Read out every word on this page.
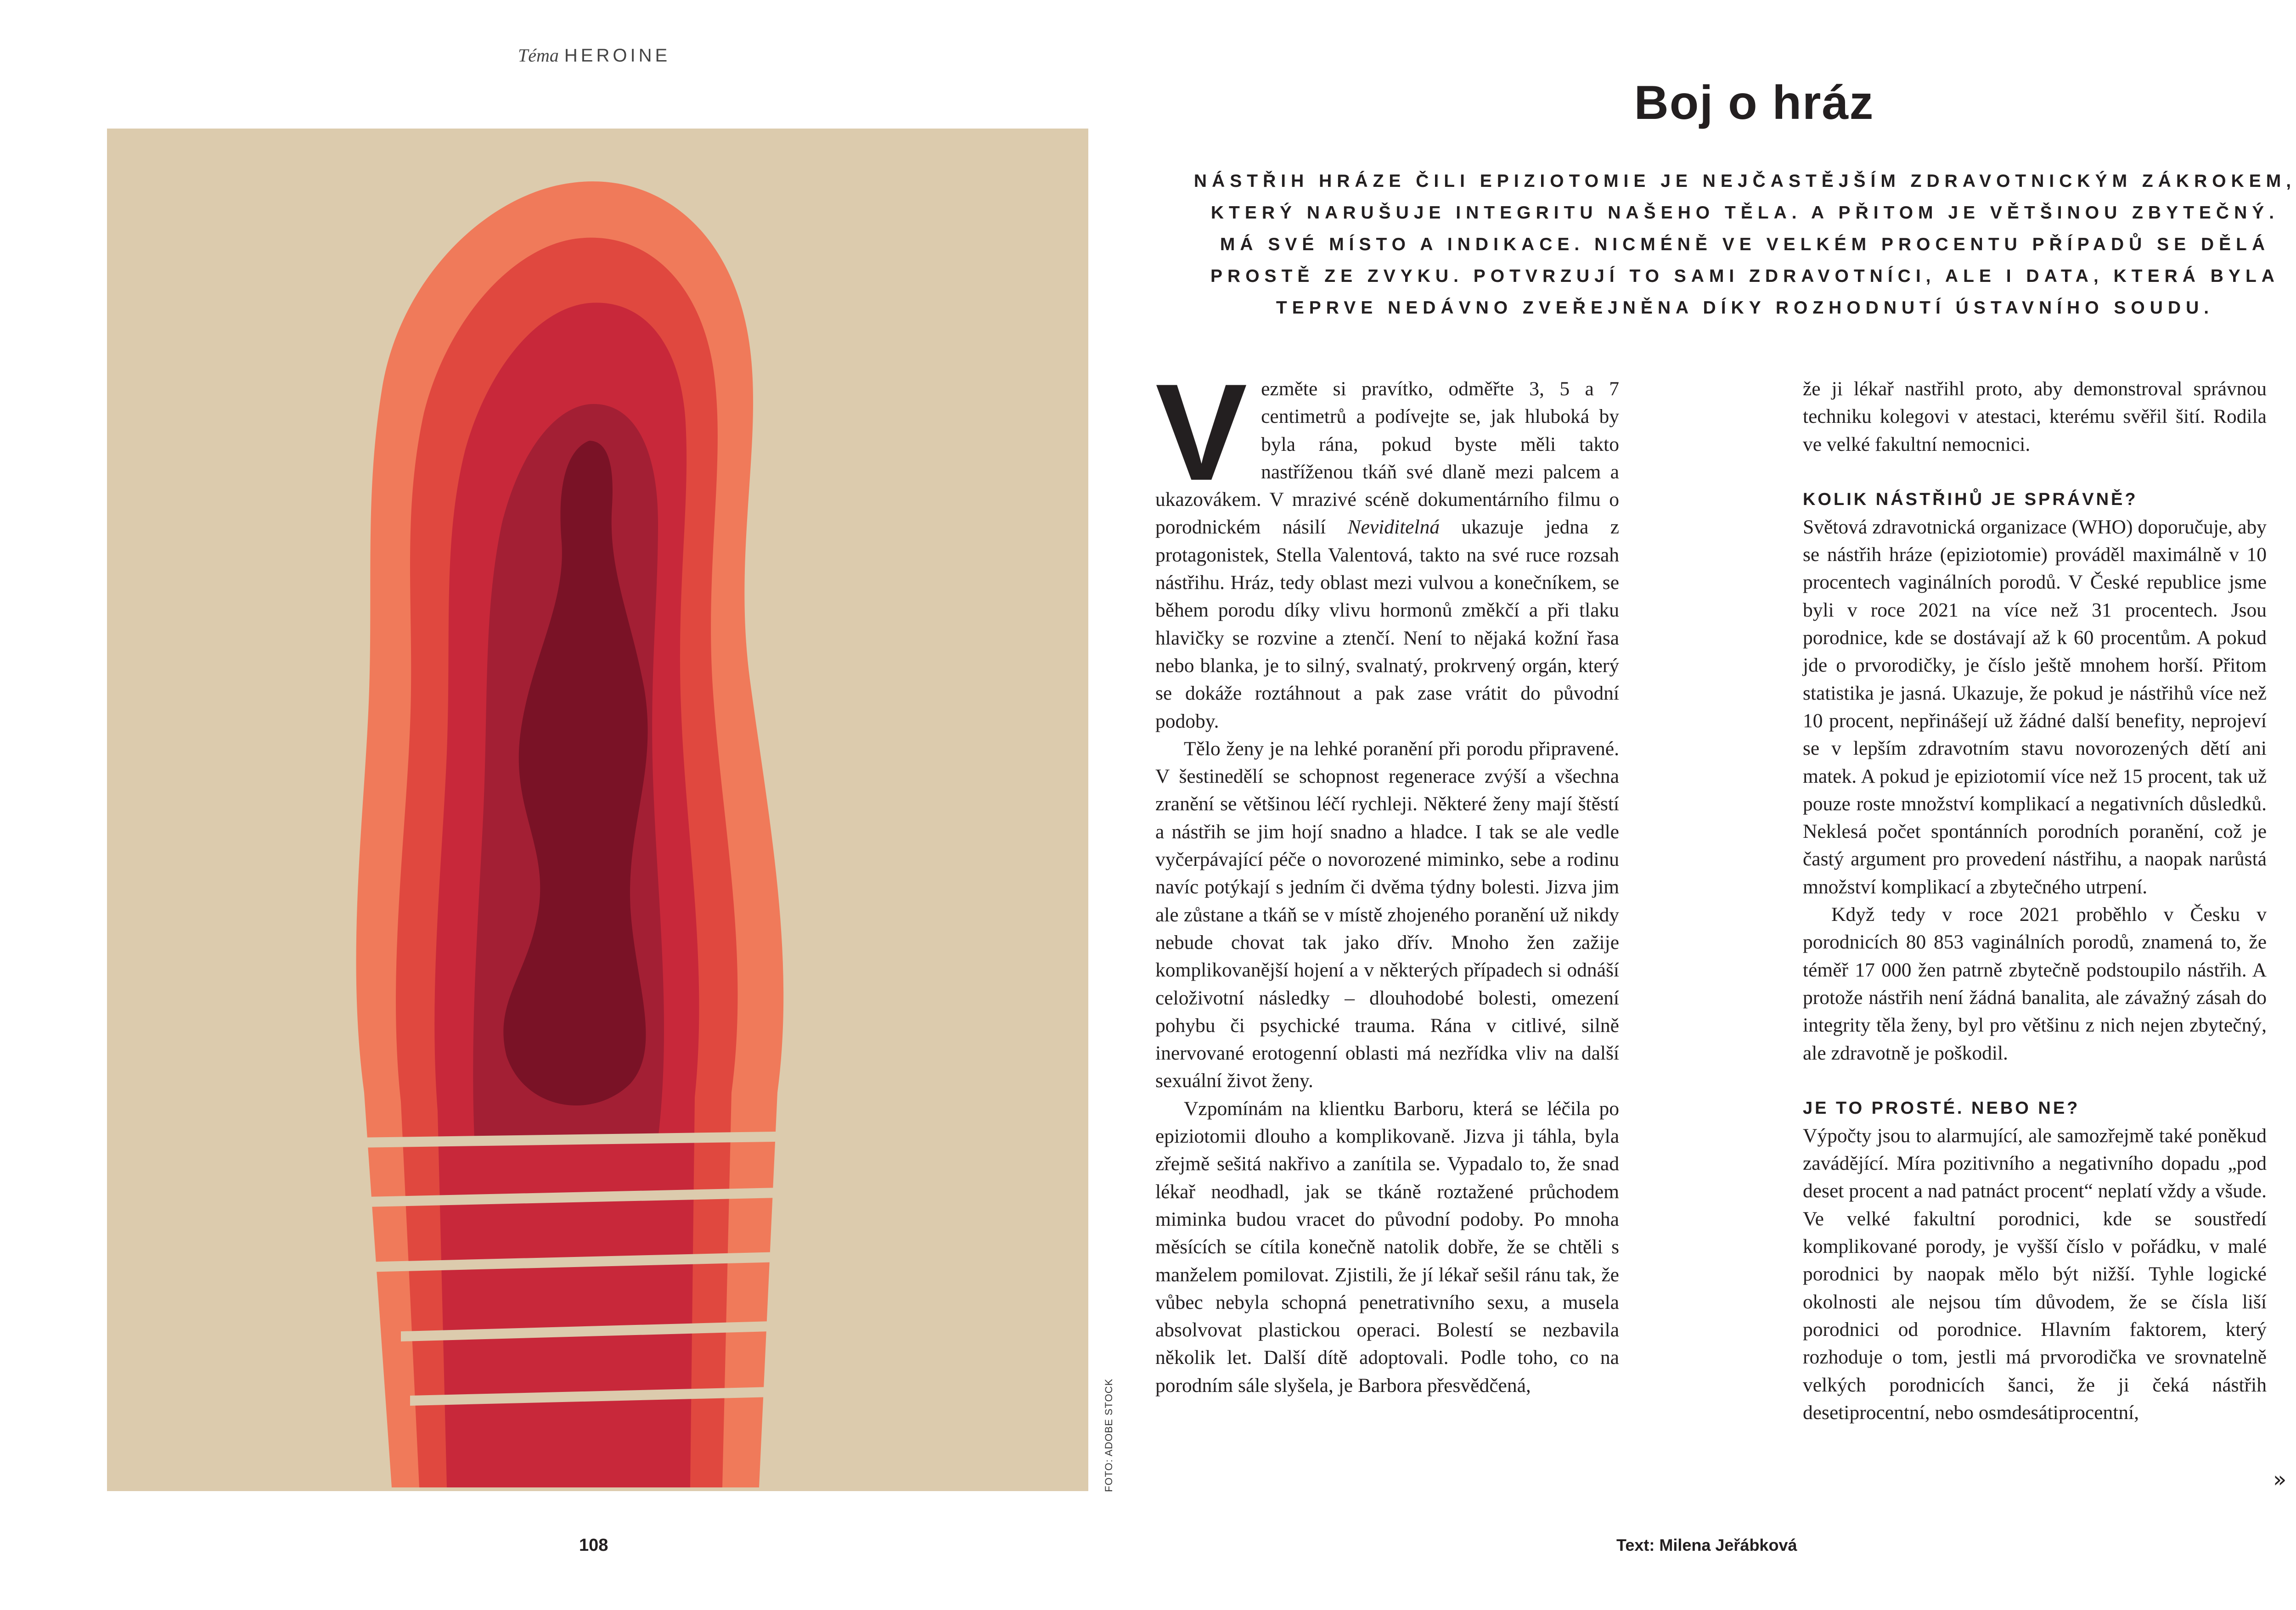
Téma HEROINE
FOTO: ADOBE STOCK
Boj o hráz
NÁSTŘIH HRÁZE ČILI EPIZIOTOMIE JE NEJČASTĚJŠÍM ZDRAVOTNICKÝM ZÁKROKEM,
KTERÝ NARUŠUJE INTEGRITU NAŠEHO TĚLA. A PŘITOM JE VĚTŠINOU ZBYTEČNÝ.
MÁ SVÉ MÍSTO A INDIKACE. NICMÉNĚ VE VELKÉM PROCENTU PŘÍPADŮ SE DĚLÁ
PROSTĚ ZE ZVYKU. POTVRZUJÍ TO SAMI ZDRAVOTNÍCI, ALE I DATA, KTERÁ BYLA
TEPRVE NEDÁVNO ZVEŘEJNĚNA DÍKY ROZHODNUTÍ ÚSTAVNÍHO SOUDU.

Vezměte si pravítko, odměřte 3, 5 a 7 centimetrů a podívejte se, jak hluboká by byla rána, pokud byste měli takto nastříženou tkáň své dlaně mezi palcem a ukazovákem. V mrazivé scéně dokumentárního filmu o porodnickém násilí Neviditelná ukazuje jedna z protagonistek, Stella Valentová, takto na své ruce rozsah nástřihu. Hráz, tedy oblast mezi vulvou a konečníkem, se během porodu díky vlivu hormonů změkčí a při tlaku hlavičky se rozvine a ztenčí. Není to nějaká kožní řasa nebo blanka, je to silný, svalnatý, prokrvený orgán, který se dokáže roztáhnout a pak zase vrátit do původní podoby.

Tělo ženy je na lehké poranění při porodu připravené. V šestinedělí se schopnost regenerace zvýší a všechna zranění se většinou léčí rychleji. Některé ženy mají štěstí a nástřih se jim hojí snadno a hladce. I tak se ale vedle vyčerpávající péče o novorozené miminko, sebe a rodinu navíc potýkají s jedním či dvěma týdny bolesti. Jizva jim ale zůstane a tkáň se v místě zhojeného poranění už nikdy nebude chovat tak jako dřív. Mnoho žen zažije komplikovanější hojení a v některých případech si odnáší celoživotní následky – dlouhodobé bolesti, omezení pohybu či psychické trauma. Rána v citlivé, silně inervované erotogenní oblasti má nezřídka vliv na další sexuální život ženy.

Vzpomínám na klientku Barboru, která se léčila po epiziotomii dlouho a komplikovaně. Jizva ji táhla, byla zřejmě sešitá nakřivo a zanítila se. Vypadalo to, že snad lékař neodhadl, jak se tkáně roztažené průchodem miminka budou vracet do původní podoby. Po mnoha měsících se cítila konečně natolik dobře, že se chtěli s manželem pomilovat. Zjistili, že jí lékař sešil ránu tak, že vůbec nebyla schopná penetrativního sexu, a musela absolvovat plastickou operaci. Bolestí se nezbavila několik let. Další dítě adoptovali. Podle toho, co na porodním sále slyšela, je Barbora přesvědčená,

že ji lékař nastřihl proto, aby demonstroval správnou techniku kolegovi v atestaci, kterému svěřil šití. Rodila ve velké fakultní nemocnici.

KOLIK NÁSTŘIHŮ JE SPRÁVNĚ?

Světová zdravotnická organizace (WHO) doporučuje, aby se nástřih hráze (epiziotomie) prováděl maximálně v 10 procentech vaginálních porodů. V České republice jsme byli v roce 2021 na více než 31 procentech. Jsou porodnice, kde se dostávají až k 60 procentům. A pokud jde o prvorodičky, je číslo ještě mnohem horší. Přitom statistika je jasná. Ukazuje, že pokud je nástřihů více než 10 procent, nepřinášejí už žádné další benefity, neprojeví se v lepším zdravotním stavu novorozených dětí ani matek. A pokud je epiziotomií více než 15 procent, tak už pouze roste množství komplikací a negativních důsledků. Neklesá počet spontánních porodních poranění, což je častý argument pro provedení nástřihu, a naopak narůstá množství komplikací a zbytečného utrpení.

Když tedy v roce 2021 proběhlo v Česku v porodnicích 80 853 vaginálních porodů, znamená to, že téměř 17 000 žen patrně zbytečně podstoupilo nástřih. A protože nástřih není žádná banalita, ale závažný zásah do integrity těla ženy, byl pro většinu z nich nejen zbytečný, ale zdravotně je poškodil.

JE TO PROSTÉ. NEBO NE?

Výpočty jsou to alarmující, ale samozřejmě také poněkud zavádějící. Míra pozitivního a negativního dopadu „pod deset procent a nad patnáct procent“ neplatí vždy a všude. Ve velké fakultní porodnici, kde se soustředí komplikované porody, je vyšší číslo v pořádku, v malé porodnici by naopak mělo být nižší. Tyhle logické okolnosti ale nejsou tím důvodem, že se čísla liší porodnici od porodnice. Hlavním faktorem, který rozhoduje o tom, jestli má prvorodička ve srovnatelně velkých porodnicích šanci, že ji čeká nástřih desetiprocentní, nebo osmdesátiprocentní,

»
108	Text: Milena Jeřábková
